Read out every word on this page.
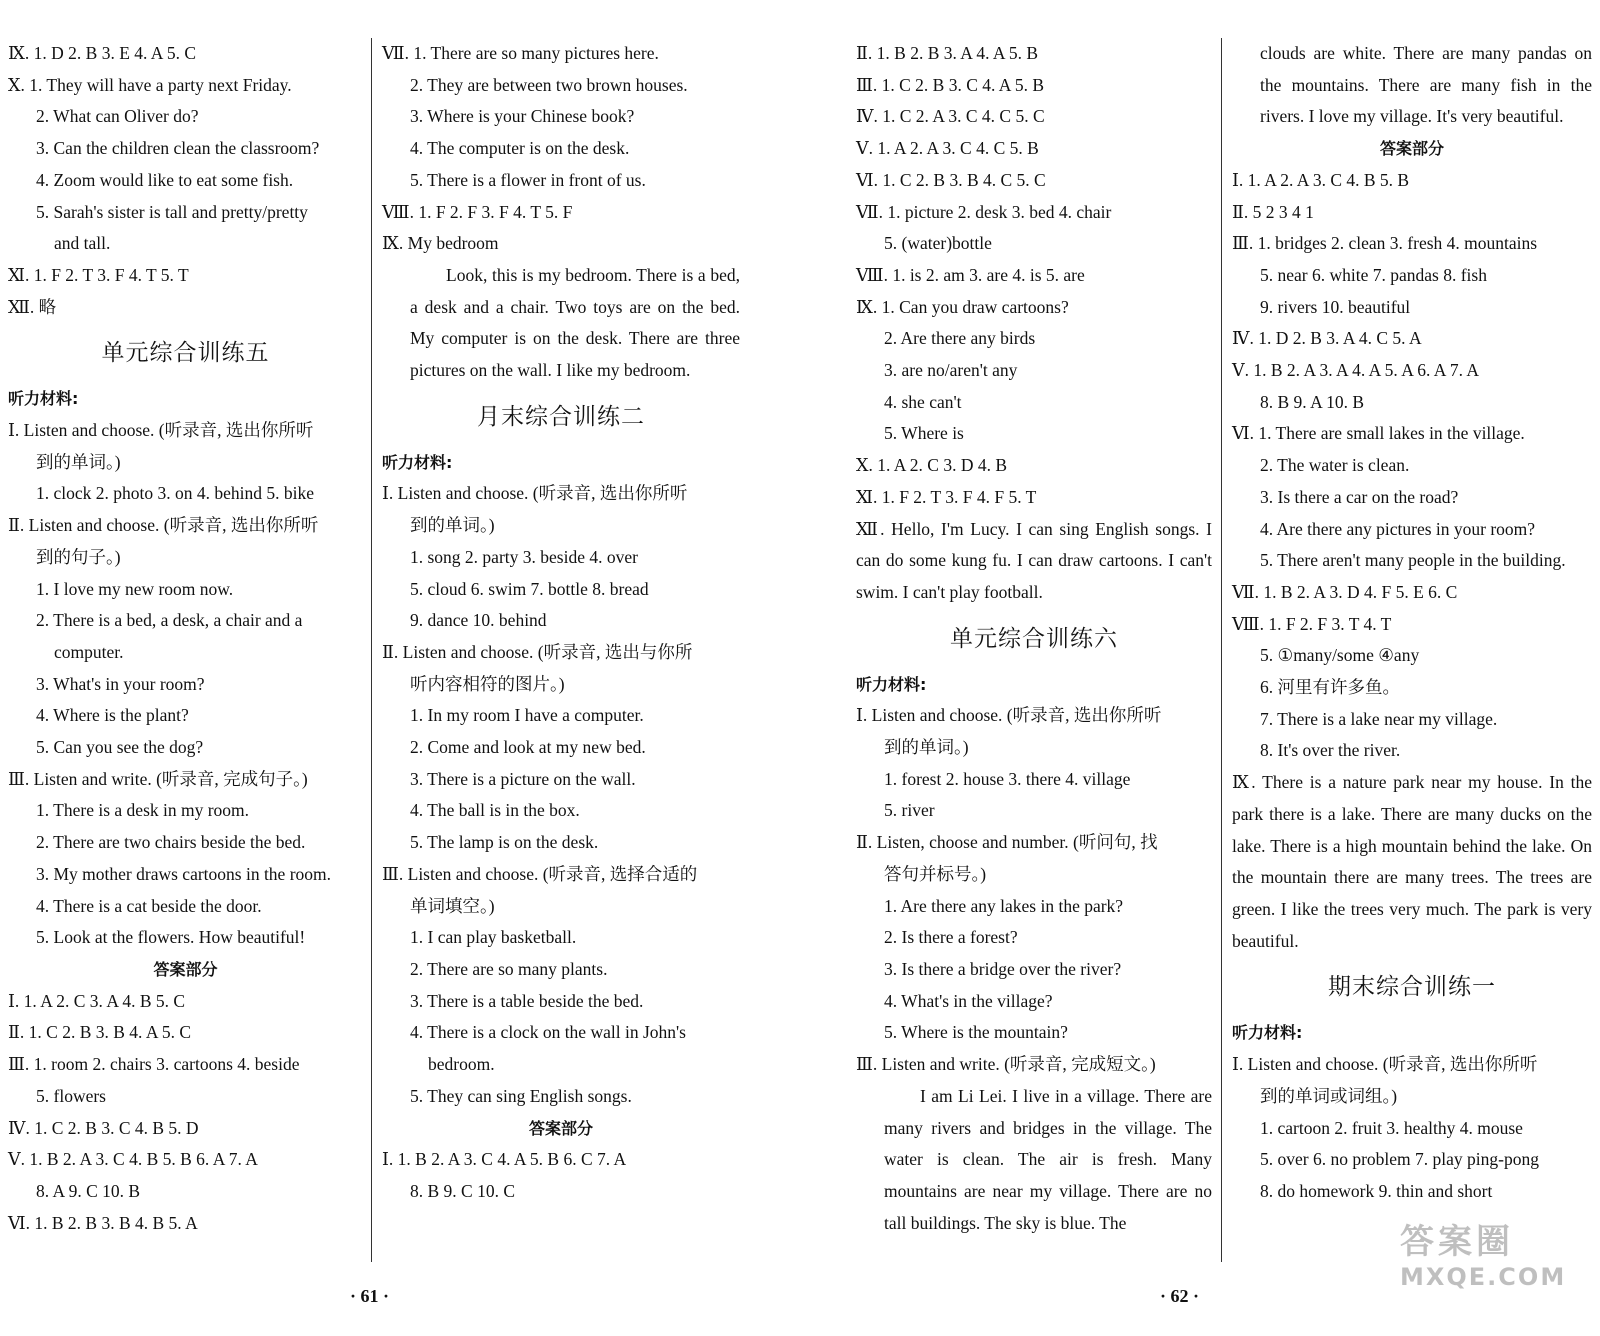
Ⅸ. 1. D 2. B 3. E 4. A 5. C
Ⅹ. 1. They will have a party next Friday.
2. What can Oliver do?
3. Can the children clean the classroom?
4. Zoom would like to eat some fish.
5. Sarah's sister is tall and pretty/pretty
and tall.
Ⅺ. 1. F 2. T 3. F 4. T 5. T
Ⅻ. 略
单元综合训练五
听力材料:
Ⅰ. Listen and choose. (听录音, 选出你所听
到的单词。)
1. clock 2. photo 3. on 4. behind 5. bike
Ⅱ. Listen and choose. (听录音, 选出你所听
到的句子。)
1. I love my new room now.
2. There is a bed, a desk, a chair and a
computer.
3. What's in your room?
4. Where is the plant?
5. Can you see the dog?
Ⅲ. Listen and write. (听录音, 完成句子。)
1. There is a desk in my room.
2. There are two chairs beside the bed.
3. My mother draws cartoons in the room.
4. There is a cat beside the door.
5. Look at the flowers. How beautiful!
答案部分
Ⅰ. 1. A 2. C 3. A 4. B 5. C
Ⅱ. 1. C 2. B 3. B 4. A 5. C
Ⅲ. 1. room 2. chairs 3. cartoons 4. beside
5. flowers
Ⅳ. 1. C 2. B 3. C 4. B 5. D
Ⅴ. 1. B 2. A 3. C 4. B 5. B 6. A 7. A
8. A 9. C 10. B
Ⅵ. 1. B 2. B 3. B 4. B 5. A
Ⅶ. 1. There are so many pictures here.
2. They are between two brown houses.
3. Where is your Chinese book?
4. The computer is on the desk.
5. There is a flower in front of us.
Ⅷ. 1. F 2. F 3. F 4. T 5. F
Ⅸ. My bedroom
Look, this is my bedroom. There is a bed, a desk and a chair. Two toys are on the bed. My computer is on the desk. There are three pictures on the wall. I like my bedroom.
月末综合训练二
听力材料:
Ⅰ. Listen and choose. (听录音, 选出你所听
到的单词。)
1. song 2. party 3. beside 4. over
5. cloud 6. swim 7. bottle 8. bread
9. dance 10. behind
Ⅱ. Listen and choose. (听录音, 选出与你所
听内容相符的图片。)
1. In my room I have a computer.
2. Come and look at my new bed.
3. There is a picture on the wall.
4. The ball is in the box.
5. The lamp is on the desk.
Ⅲ. Listen and choose. (听录音, 选择合适的
单词填空。)
1. I can play basketball.
2. There are so many plants.
3. There is a table beside the bed.
4. There is a clock on the wall in John's
bedroom.
5. They can sing English songs.
答案部分
Ⅰ. 1. B 2. A 3. C 4. A 5. B 6. C 7. A
8. B 9. C 10. C
Ⅱ. 1. B 2. B 3. A 4. A 5. B
Ⅲ. 1. C 2. B 3. C 4. A 5. B
Ⅳ. 1. C 2. A 3. C 4. C 5. C
Ⅴ. 1. A 2. A 3. C 4. C 5. B
Ⅵ. 1. C 2. B 3. B 4. C 5. C
Ⅶ. 1. picture 2. desk 3. bed 4. chair
5. (water)bottle
Ⅷ. 1. is 2. am 3. are 4. is 5. are
Ⅸ. 1. Can you draw cartoons?
2. Are there any birds
3. are no/aren't any
4. she can't
5. Where is
Ⅹ. 1. A 2. C 3. D 4. B
Ⅺ. 1. F 2. T 3. F 4. F 5. T
Ⅻ. Hello, I'm Lucy. I can sing English songs. I can do some kung fu. I can draw cartoons. I can't swim. I can't play football.
单元综合训练六
听力材料:
Ⅰ. Listen and choose. (听录音, 选出你所听
到的单词。)
1. forest 2. house 3. there 4. village
5. river
Ⅱ. Listen, choose and number. (听问句, 找
答句并标号。)
1. Are there any lakes in the park?
2. Is there a forest?
3. Is there a bridge over the river?
4. What's in the village?
5. Where is the mountain?
Ⅲ. Listen and write. (听录音, 完成短文。)
I am Li Lei. I live in a village. There are many rivers and bridges in the village. The water is clean. The air is fresh. Many mountains are near my village. There are no tall buildings. The sky is blue. The
clouds are white. There are many pandas on the mountains. There are many fish in the rivers. I love my village. It's very beautiful.
答案部分
Ⅰ. 1. A 2. A 3. C 4. B 5. B
Ⅱ. 5 2 3 4 1
Ⅲ. 1. bridges 2. clean 3. fresh 4. mountains
5. near 6. white 7. pandas 8. fish
9. rivers 10. beautiful
Ⅳ. 1. D 2. B 3. A 4. C 5. A
Ⅴ. 1. B 2. A 3. A 4. A 5. A 6. A 7. A
8. B 9. A 10. B
Ⅵ. 1. There are small lakes in the village.
2. The water is clean.
3. Is there a car on the road?
4. Are there any pictures in your room?
5. There aren't many people in the building.
Ⅶ. 1. B 2. A 3. D 4. F 5. E 6. C
Ⅷ. 1. F 2. F 3. T 4. T
5. ①many/some ④any
6. 河里有许多鱼。
7. There is a lake near my village.
8. It's over the river.
Ⅸ. There is a nature park near my house. In the park there is a lake. There are many ducks on the lake. There is a high mountain behind the lake. On the mountain there are many trees. The trees are green. I like the trees very much. The park is very beautiful.
期末综合训练一
听力材料:
Ⅰ. Listen and choose. (听录音, 选出你所听
到的单词或词组。)
1. cartoon 2. fruit 3. healthy 4. mouse
5. over 6. no problem 7. play ping-pong
8. do homework 9. thin and short
· 61 ·	· 62 ·
答案圈
MXQE.COM
